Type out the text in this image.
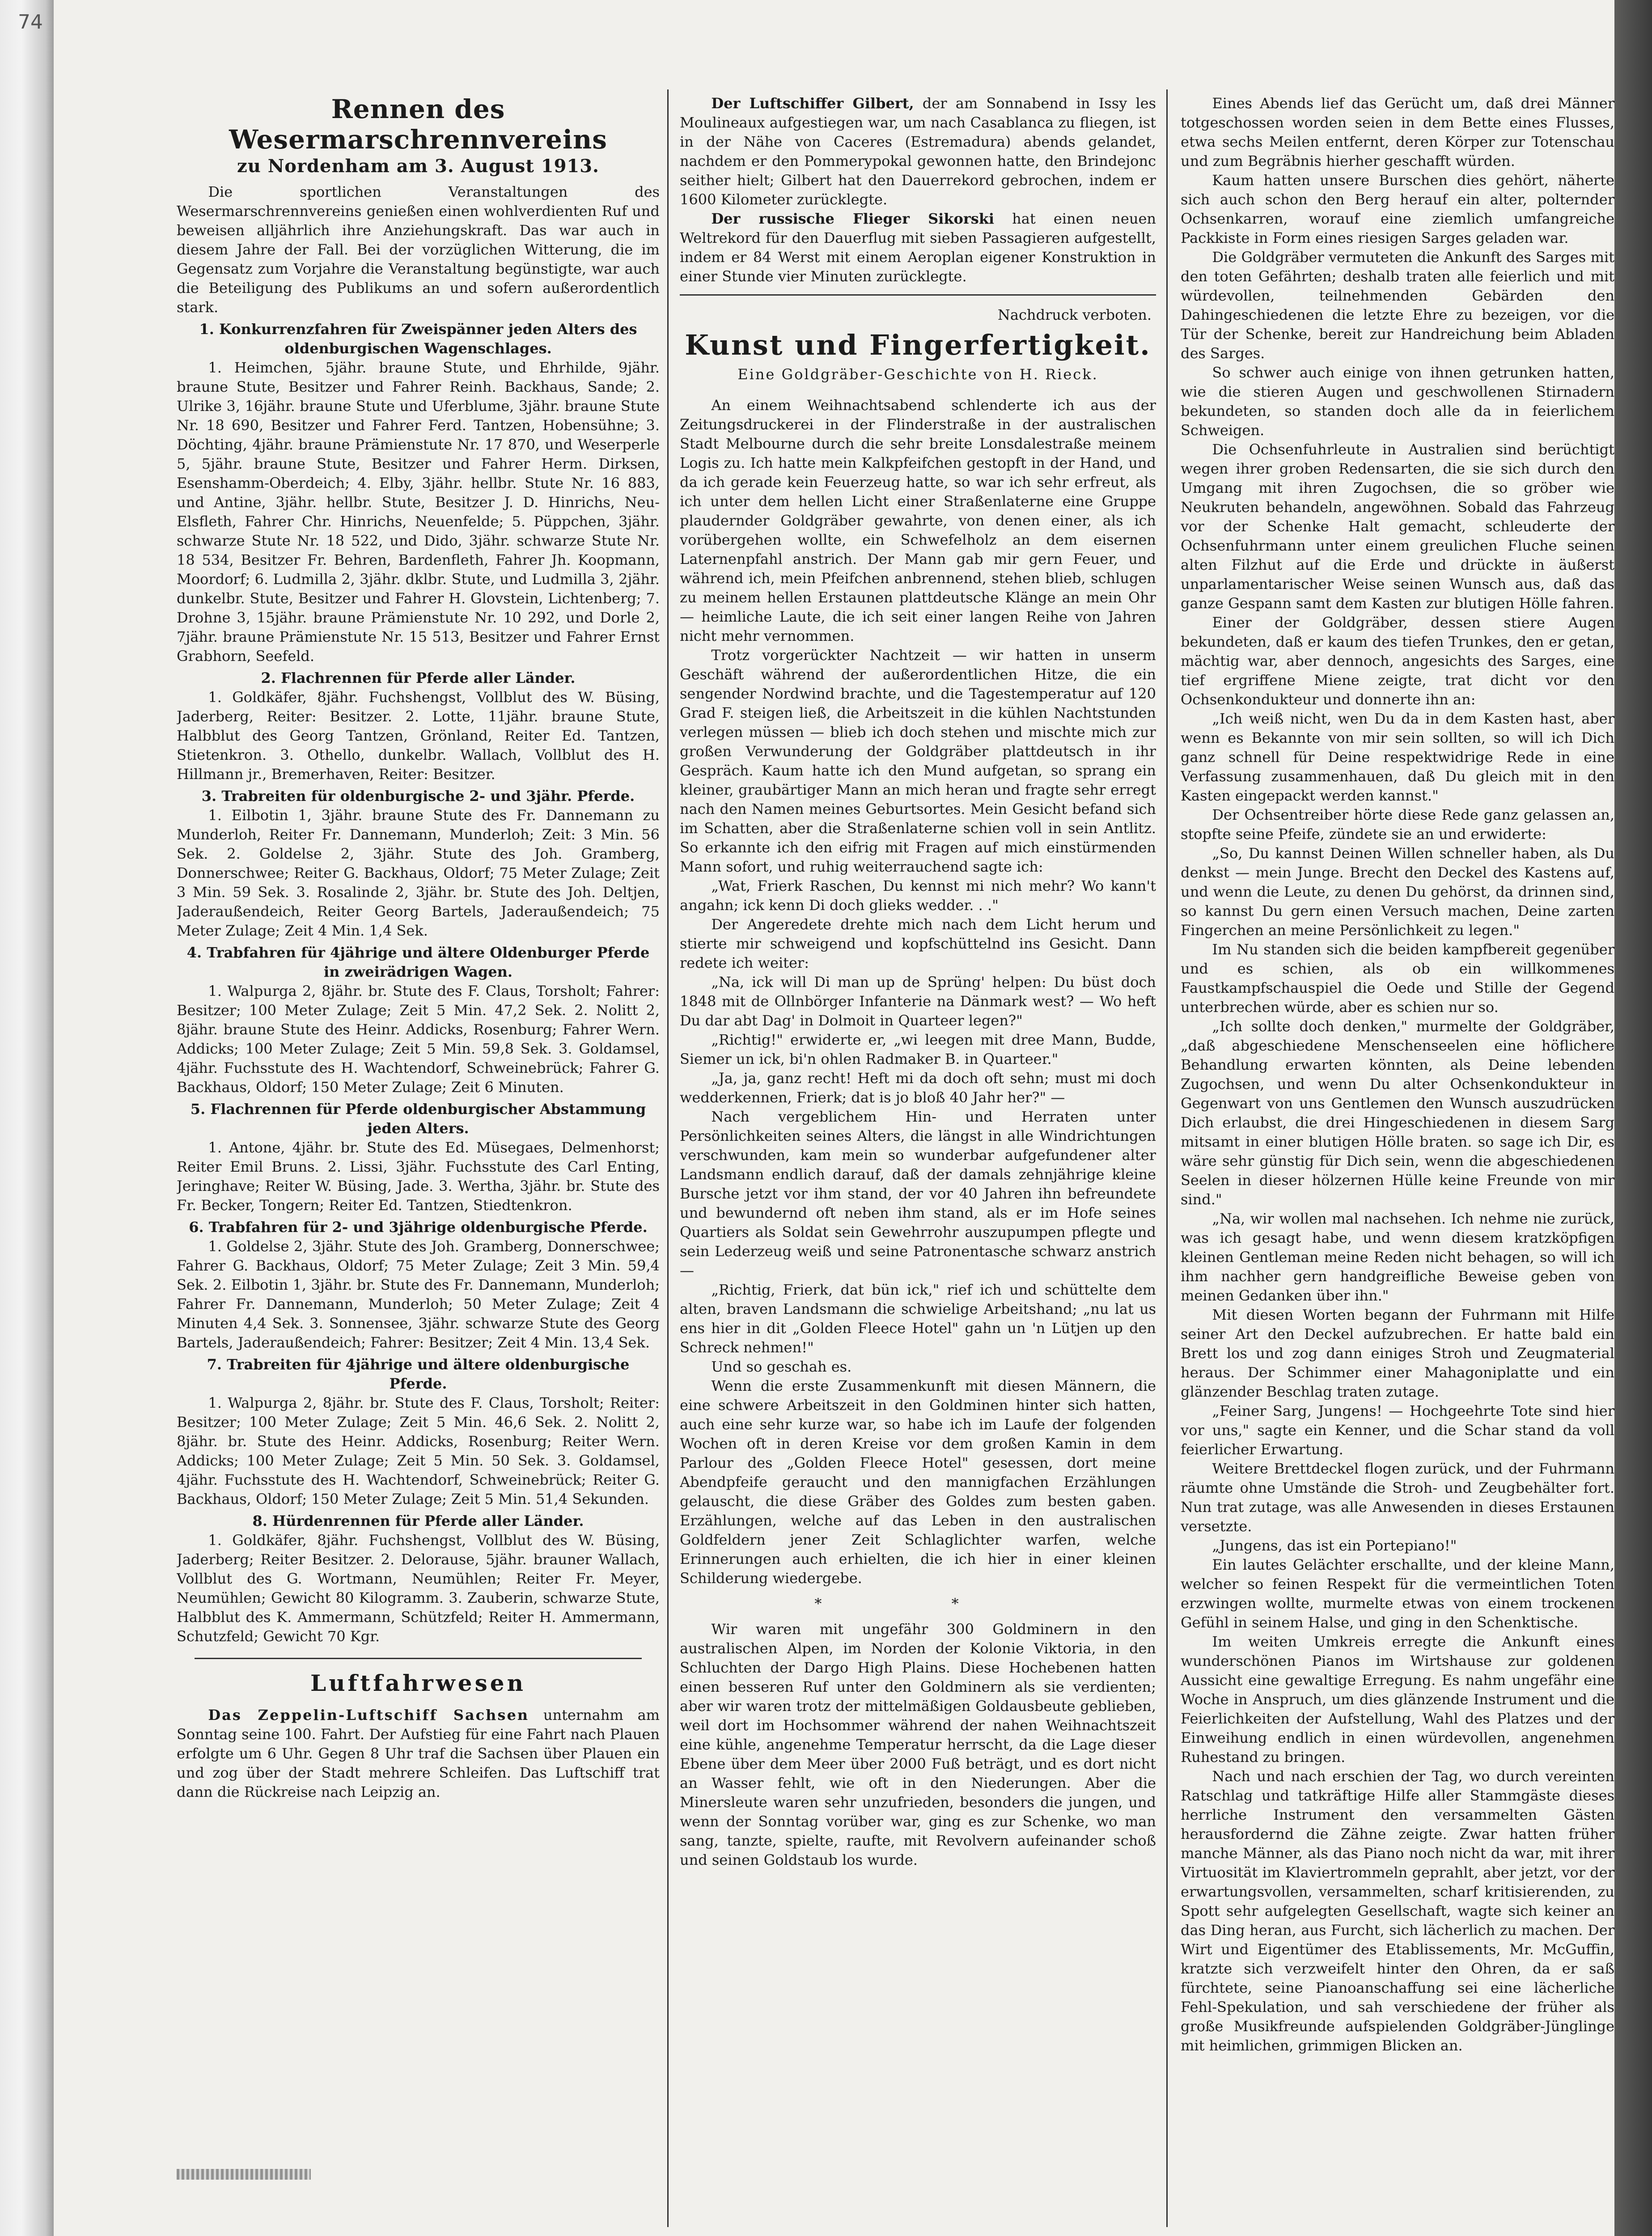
74
Rennen des Wesermarschrennvereins
zu Nordenham am 3. August 1913.

Die sportlichen Veranstaltungen des Wesermarschrennvereins genießen einen wohlverdienten Ruf und beweisen alljährlich ihre Anziehungskraft. Das war auch in diesem Jahre der Fall. Bei der vorzüglichen Witterung, die im Gegensatz zum Vorjahre die Veranstaltung begünstigte, war auch die Beteiligung des Publikums an und sofern außerordentlich stark.

1. Konkurrenzfahren für Zweispänner jeden Alters des oldenburgischen Wagenschlages.

1. Heimchen, 5jähr. braune Stute, und Ehrhilde, 9jähr. braune Stute, Besitzer und Fahrer Reinh. Backhaus, Sande; 2. Ulrike 3, 16jähr. braune Stute und Uferblume, 3jähr. braune Stute Nr. 18 690, Besitzer und Fahrer Ferd. Tantzen, Hobensühne; 3. Döchting, 4jähr. braune Prämienstute Nr. 17 870, und Weserperle 5, 5jähr. braune Stute, Besitzer und Fahrer Herm. Dirksen, Esenshamm-Oberdeich; 4. Elby, 3jähr. hellbr. Stute Nr. 16 883, und Antine, 3jähr. hellbr. Stute, Besitzer J. D. Hinrichs, Neu-Elsfleth, Fahrer Chr. Hinrichs, Neuenfelde; 5. Püppchen, 3jähr. schwarze Stute Nr. 18 522, und Dido, 3jähr. schwarze Stute Nr. 18 534, Besitzer Fr. Behren, Bardenfleth, Fahrer Jh. Koopmann, Moordorf; 6. Ludmilla 2, 3jähr. dklbr. Stute, und Ludmilla 3, 2jähr. dunkelbr. Stute, Besitzer und Fahrer H. Glovstein, Lichtenberg; 7. Drohne 3, 15jähr. braune Prämienstute Nr. 10 292, und Dorle 2, 7jähr. braune Prämienstute Nr. 15 513, Besitzer und Fahrer Ernst Grabhorn, Seefeld.

2. Flachrennen für Pferde aller Länder.

1. Goldkäfer, 8jähr. Fuchshengst, Vollblut des W. Büsing, Jaderberg, Reiter: Besitzer. 2. Lotte, 11jähr. braune Stute, Halbblut des Georg Tantzen, Grönland, Reiter Ed. Tantzen, Stietenkron. 3. Othello, dunkelbr. Wallach, Vollblut des H. Hillmann jr., Bremerhaven, Reiter: Besitzer.

3. Trabreiten für oldenburgische 2- und 3jähr. Pferde.

1. Eilbotin 1, 3jähr. braune Stute des Fr. Dannemann zu Munderloh, Reiter Fr. Dannemann, Munderloh; Zeit: 3 Min. 56 Sek. 2. Goldelse 2, 3jähr. Stute des Joh. Gramberg, Donnerschwee; Reiter G. Backhaus, Oldorf; 75 Meter Zulage; Zeit 3 Min. 59 Sek. 3. Rosalinde 2, 3jähr. br. Stute des Joh. Deltjen, Jaderaußendeich, Reiter Georg Bartels, Jaderaußendeich; 75 Meter Zulage; Zeit 4 Min. 1,4 Sek.

4. Trabfahren für 4jährige und ältere Oldenburger Pferde in zweirädrigen Wagen.

1. Walpurga 2, 8jähr. br. Stute des F. Claus, Torsholt; Fahrer: Besitzer; 100 Meter Zulage; Zeit 5 Min. 47,2 Sek. 2. Nolitt 2, 8jähr. braune Stute des Heinr. Addicks, Rosenburg; Fahrer Wern. Addicks; 100 Meter Zulage; Zeit 5 Min. 59,8 Sek. 3. Goldamsel, 4jähr. Fuchsstute des H. Wachtendorf, Schweinebrück; Fahrer G. Backhaus, Oldorf; 150 Meter Zulage; Zeit 6 Minuten.

5. Flachrennen für Pferde oldenburgischer Abstammung jeden Alters.

1. Antone, 4jähr. br. Stute des Ed. Müsegaes, Delmenhorst; Reiter Emil Bruns. 2. Lissi, 3jähr. Fuchsstute des Carl Enting, Jeringhave; Reiter W. Büsing, Jade. 3. Wertha, 3jähr. br. Stute des Fr. Becker, Tongern; Reiter Ed. Tantzen, Stiedtenkron.

6. Trabfahren für 2- und 3jährige oldenburgische Pferde.

1. Goldelse 2, 3jähr. Stute des Joh. Gramberg, Donnerschwee; Fahrer G. Backhaus, Oldorf; 75 Meter Zulage; Zeit 3 Min. 59,4 Sek. 2. Eilbotin 1, 3jähr. br. Stute des Fr. Dannemann, Munderloh; Fahrer Fr. Dannemann, Munderloh; 50 Meter Zulage; Zeit 4 Minuten 4,4 Sek. 3. Sonnensee, 3jähr. schwarze Stute des Georg Bartels, Jaderaußendeich; Fahrer: Besitzer; Zeit 4 Min. 13,4 Sek.

7. Trabreiten für 4jährige und ältere oldenburgische Pferde.

1. Walpurga 2, 8jähr. br. Stute des F. Claus, Torsholt; Reiter: Besitzer; 100 Meter Zulage; Zeit 5 Min. 46,6 Sek. 2. Nolitt 2, 8jähr. br. Stute des Heinr. Addicks, Rosenburg; Reiter Wern. Addicks; 100 Meter Zulage; Zeit 5 Min. 50 Sek. 3. Goldamsel, 4jähr. Fuchsstute des H. Wachtendorf, Schweinebrück; Reiter G. Backhaus, Oldorf; 150 Meter Zulage; Zeit 5 Min. 51,4 Sekunden.

8. Hürdenrennen für Pferde aller Länder.

1. Goldkäfer, 8jähr. Fuchshengst, Vollblut des W. Büsing, Jaderberg; Reiter Besitzer. 2. Delorause, 5jähr. brauner Wallach, Vollblut des G. Wortmann, Neumühlen; Reiter Fr. Meyer, Neumühlen; Gewicht 80 Kilogramm. 3. Zauberin, schwarze Stute, Halbblut des K. Ammermann, Schützfeld; Reiter H. Ammermann, Schutzfeld; Gewicht 70 Kgr.

Luftfahrwesen

Das Zeppelin-Luftschiff Sachsen unternahm am Sonntag seine 100. Fahrt. Der Aufstieg für eine Fahrt nach Plauen erfolgte um 6 Uhr. Gegen 8 Uhr traf die Sachsen über Plauen ein und zog über der Stadt mehrere Schleifen. Das Luftschiff trat dann die Rückreise nach Leipzig an.

Der Luftschiffer Gilbert, der am Sonnabend in Issy les Moulineaux aufgestiegen war, um nach Casablanca zu fliegen, ist in der Nähe von Caceres (Estremadura) abends gelandet, nachdem er den Pommerypokal gewonnen hatte, den Brindejonc seither hielt; Gilbert hat den Dauerrekord gebrochen, indem er 1600 Kilometer zurücklegte.

Der russische Flieger Sikorski hat einen neuen Weltrekord für den Dauerflug mit sieben Passagieren aufgestellt, indem er 84 Werst mit einem Aeroplan eigener Konstruktion in einer Stunde vier Minuten zurücklegte.

Nachdruck verboten.
Kunst und Fingerfertigkeit.
Eine Goldgräber-Geschichte von H. Rieck.

An einem Weihnachtsabend schlenderte ich aus der Zeitungsdruckerei in der Flinderstraße in der australischen Stadt Melbourne durch die sehr breite Lonsdalestraße meinem Logis zu. Ich hatte mein Kalkpfeifchen gestopft in der Hand, und da ich gerade kein Feuerzeug hatte, so war ich sehr erfreut, als ich unter dem hellen Licht einer Straßenlaterne eine Gruppe plaudernder Goldgräber gewahrte, von denen einer, als ich vorübergehen wollte, ein Schwefelholz an dem eisernen Laternenpfahl anstrich. Der Mann gab mir gern Feuer, und während ich, mein Pfeifchen anbrennend, stehen blieb, schlugen zu meinem hellen Erstaunen plattdeutsche Klänge an mein Ohr — heimliche Laute, die ich seit einer langen Reihe von Jahren nicht mehr vernommen.

Trotz vorgerückter Nachtzeit — wir hatten in unserm Geschäft während der außerordentlichen Hitze, die ein sengender Nordwind brachte, und die Tagestemperatur auf 120 Grad F. steigen ließ, die Arbeitszeit in die kühlen Nachtstunden verlegen müssen — blieb ich doch stehen und mischte mich zur großen Verwunderung der Goldgräber plattdeutsch in ihr Gespräch. Kaum hatte ich den Mund aufgetan, so sprang ein kleiner, graubärtiger Mann an mich heran und fragte sehr erregt nach den Namen meines Geburtsortes. Mein Gesicht befand sich im Schatten, aber die Straßenlaterne schien voll in sein Antlitz. So erkannte ich den eifrig mit Fragen auf mich einstürmenden Mann sofort, und ruhig weiterrauchend sagte ich:

„Wat, Frierk Raschen, Du kennst mi nich mehr? Wo kann't angahn; ick kenn Di doch glieks wedder. . ."

Der Angeredete drehte mich nach dem Licht herum und stierte mir schweigend und kopfschüttelnd ins Gesicht. Dann redete ich weiter:

„Na, ick will Di man up de Sprüng' helpen: Du büst doch 1848 mit de Ollnbörger Infanterie na Dänmark west? — Wo heft Du dar abt Dag' in Dolmoit in Quarteer legen?"

„Richtig!" erwiderte er, „wi leegen mit dree Mann, Budde, Siemer un ick, bi'n ohlen Radmaker B. in Quarteer."

„Ja, ja, ganz recht! Heft mi da doch oft sehn; must mi doch wedderkennen, Frierk; dat is jo bloß 40 Jahr her?" —

Nach vergeblichem Hin- und Herraten unter Persönlichkeiten seines Alters, die längst in alle Windrichtungen verschwunden, kam mein so wunderbar aufgefundener alter Landsmann endlich darauf, daß der damals zehnjährige kleine Bursche jetzt vor ihm stand, der vor 40 Jahren ihn befreundete und bewundernd oft neben ihm stand, als er im Hofe seines Quartiers als Soldat sein Gewehrrohr auszupumpen pflegte und sein Lederzeug weiß und seine Patronentasche schwarz anstrich —

„Richtig, Frierk, dat bün ick," rief ich und schüttelte dem alten, braven Landsmann die schwielige Arbeitshand; „nu lat us ens hier in dit „Golden Fleece Hotel" gahn un 'n Lütjen up den Schreck nehmen!"

Und so geschah es.

Wenn die erste Zusammenkunft mit diesen Männern, die eine schwere Arbeitszeit in den Goldminen hinter sich hatten, auch eine sehr kurze war, so habe ich im Laufe der folgenden Wochen oft in deren Kreise vor dem großen Kamin in dem Parlour des „Golden Fleece Hotel" gesessen, dort meine Abendpfeife geraucht und den mannigfachen Erzählungen gelauscht, die diese Gräber des Goldes zum besten gaben. Erzählungen, welche auf das Leben in den australischen Goldfeldern jener Zeit Schlaglichter warfen, welche Erinnerungen auch erhielten, die ich hier in einer kleinen Schilderung wiedergebe.

* *

Wir waren mit ungefähr 300 Goldminern in den australischen Alpen, im Norden der Kolonie Viktoria, in den Schluchten der Dargo High Plains. Diese Hochebenen hatten einen besseren Ruf unter den Goldminern als sie verdienten; aber wir waren trotz der mittelmäßigen Goldausbeute geblieben, weil dort im Hochsommer während der nahen Weihnachtszeit eine kühle, angenehme Temperatur herrscht, da die Lage dieser Ebene über dem Meer über 2000 Fuß beträgt, und es dort nicht an Wasser fehlt, wie oft in den Niederungen. Aber die Minersleute waren sehr unzufrieden, besonders die jungen, und wenn der Sonntag vorüber war, ging es zur Schenke, wo man sang, tanzte, spielte, raufte, mit Revolvern aufeinander schoß und seinen Goldstaub los wurde.

Eines Abends lief das Gerücht um, daß drei Männer totgeschossen worden seien in dem Bette eines Flusses, etwa sechs Meilen entfernt, deren Körper zur Totenschau und zum Begräbnis hierher geschafft würden.

Kaum hatten unsere Burschen dies gehört, näherte sich auch schon den Berg herauf ein alter, polternder Ochsenkarren, worauf eine ziemlich umfangreiche Packkiste in Form eines riesigen Sarges geladen war.

Die Goldgräber vermuteten die Ankunft des Sarges mit den toten Gefährten; deshalb traten alle feierlich und mit würdevollen, teilnehmenden Gebärden den Dahingeschiedenen die letzte Ehre zu bezeigen, vor die Tür der Schenke, bereit zur Handreichung beim Abladen des Sarges.

So schwer auch einige von ihnen getrunken hatten, wie die stieren Augen und geschwollenen Stirnadern bekundeten, so standen doch alle da in feierlichem Schweigen.

Die Ochsenfuhrleute in Australien sind berüchtigt wegen ihrer groben Redensarten, die sie sich durch den Umgang mit ihren Zugochsen, die so gröber wie Neukruten behandeln, angewöhnen. Sobald das Fahrzeug vor der Schenke Halt gemacht, schleuderte der Ochsenfuhrmann unter einem greulichen Fluche seinen alten Filzhut auf die Erde und drückte in äußerst unparlamentarischer Weise seinen Wunsch aus, daß das ganze Gespann samt dem Kasten zur blutigen Hölle fahren.

Einer der Goldgräber, dessen stiere Augen bekundeten, daß er kaum des tiefen Trunkes, den er getan, mächtig war, aber dennoch, angesichts des Sarges, eine tief ergriffene Miene zeigte, trat dicht vor den Ochsenkondukteur und donnerte ihn an:

„Ich weiß nicht, wen Du da in dem Kasten hast, aber wenn es Bekannte von mir sein sollten, so will ich Dich ganz schnell für Deine respektwidrige Rede in eine Verfassung zusammenhauen, daß Du gleich mit in den Kasten eingepackt werden kannst."

Der Ochsentreiber hörte diese Rede ganz gelassen an, stopfte seine Pfeife, zündete sie an und erwiderte:

„So, Du kannst Deinen Willen schneller haben, als Du denkst — mein Junge. Brecht den Deckel des Kastens auf, und wenn die Leute, zu denen Du gehörst, da drinnen sind, so kannst Du gern einen Versuch machen, Deine zarten Fingerchen an meine Persönlichkeit zu legen."

Im Nu standen sich die beiden kampfbereit gegenüber und es schien, als ob ein willkommenes Faustkampfschauspiel die Oede und Stille der Gegend unterbrechen würde, aber es schien nur so.

„Ich sollte doch denken," murmelte der Goldgräber, „daß abgeschiedene Menschenseelen eine höflichere Behandlung erwarten könnten, als Deine lebenden Zugochsen, und wenn Du alter Ochsenkondukteur in Gegenwart von uns Gentlemen den Wunsch auszudrücken Dich erlaubst, die drei Hingeschiedenen in diesem Sarg mitsamt in einer blutigen Hölle braten. so sage ich Dir, es wäre sehr günstig für Dich sein, wenn die abgeschiedenen Seelen in dieser hölzernen Hülle keine Freunde von mir sind."

„Na, wir wollen mal nachsehen. Ich nehme nie zurück, was ich gesagt habe, und wenn diesem kratzköpfigen kleinen Gentleman meine Reden nicht behagen, so will ich ihm nachher gern handgreifliche Beweise geben von meinen Gedanken über ihn."

Mit diesen Worten begann der Fuhrmann mit Hilfe seiner Art den Deckel aufzubrechen. Er hatte bald ein Brett los und zog dann einiges Stroh und Zeugmaterial heraus. Der Schimmer einer Mahagoniplatte und ein glänzender Beschlag traten zutage.

„Feiner Sarg, Jungens! — Hochgeehrte Tote sind hier vor uns," sagte ein Kenner, und die Schar stand da voll feierlicher Erwartung.

Weitere Brettdeckel flogen zurück, und der Fuhrmann räumte ohne Umstände die Stroh- und Zeugbehälter fort. Nun trat zutage, was alle Anwesenden in dieses Erstaunen versetzte.

„Jungens, das ist ein Portepiano!"

Ein lautes Gelächter erschallte, und der kleine Mann, welcher so feinen Respekt für die vermeintlichen Toten erzwingen wollte, murmelte etwas von einem trockenen Gefühl in seinem Halse, und ging in den Schenktische.

Im weiten Umkreis erregte die Ankunft eines wunderschönen Pianos im Wirtshause zur goldenen Aussicht eine gewaltige Erregung. Es nahm ungefähr eine Woche in Anspruch, um dies glänzende Instrument und die Feierlichkeiten der Aufstellung, Wahl des Platzes und der Einweihung endlich in einen würdevollen, angenehmen Ruhestand zu bringen.

Nach und nach erschien der Tag, wo durch vereinten Ratschlag und tatkräftige Hilfe aller Stammgäste dieses herrliche Instrument den versammelten Gästen herausfordernd die Zähne zeigte. Zwar hatten früher manche Männer, als das Piano noch nicht da war, mit ihrer Virtuosität im Klaviertrommeln geprahlt, aber jetzt, vor der erwartungsvollen, versammelten, scharf kritisierenden, zu Spott sehr aufgelegten Gesellschaft, wagte sich keiner an das Ding heran, aus Furcht, sich lächerlich zu machen. Der Wirt und Eigentümer des Etablissements, Mr. McGuffin, kratzte sich verzweifelt hinter den Ohren, da er saß fürchtete, seine Pianoanschaffung sei eine lächerliche Fehl-Spekulation, und sah verschiedene der früher als große Musikfreunde aufspielenden Goldgräber-Jünglinge mit heimlichen, grimmigen Blicken an.
